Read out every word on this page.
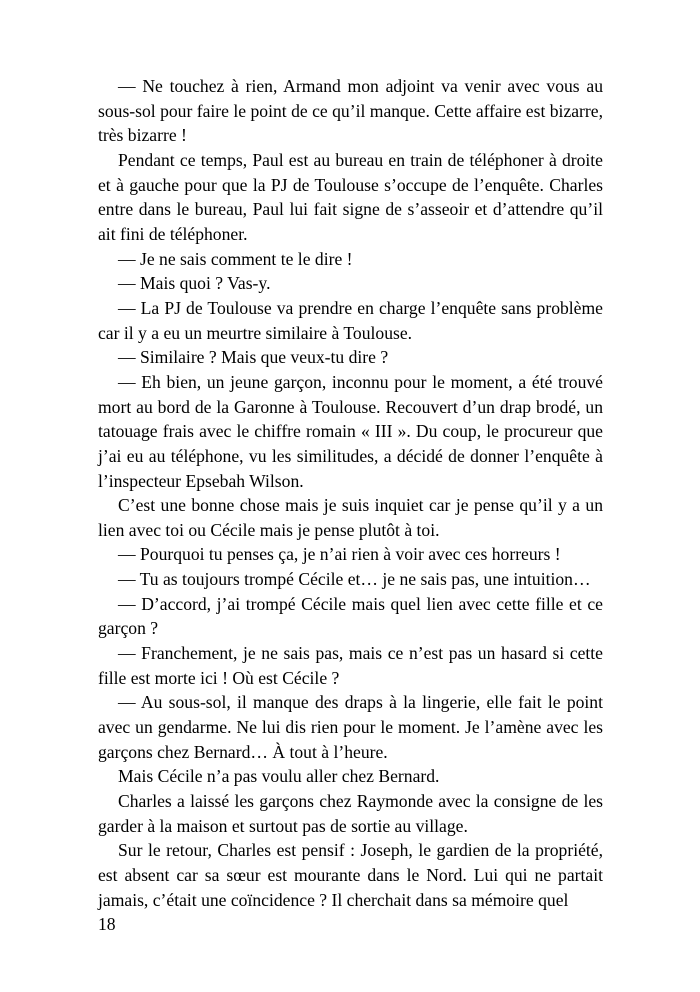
— Ne touchez à rien, Armand mon adjoint va venir avec vous au sous-sol pour faire le point de ce qu’il manque. Cette affaire est bizarre, très bizarre !

Pendant ce temps, Paul est au bureau en train de téléphoner à droite et à gauche pour que la PJ de Toulouse s’occupe de l’enquête. Charles entre dans le bureau, Paul lui fait signe de s’asseoir et d’attendre qu’il ait fini de téléphoner.

— Je ne sais comment te le dire !

— Mais quoi ? Vas-y.

— La PJ de Toulouse va prendre en charge l’enquête sans problème car il y a eu un meurtre similaire à Toulouse.

— Similaire ? Mais que veux-tu dire ?

— Eh bien, un jeune garçon, inconnu pour le moment, a été trouvé mort au bord de la Garonne à Toulouse. Recouvert d’un drap brodé, un tatouage frais avec le chiffre romain « III ». Du coup, le procureur que j’ai eu au téléphone, vu les similitudes, a décidé de donner l’enquête à l’inspecteur Epsebah Wilson.

C’est une bonne chose mais je suis inquiet car je pense qu’il y a un lien avec toi ou Cécile mais je pense plutôt à toi.

— Pourquoi tu penses ça, je n’ai rien à voir avec ces horreurs !

— Tu as toujours trompé Cécile et… je ne sais pas, une intuition…

— D’accord, j’ai trompé Cécile mais quel lien avec cette fille et ce garçon ?

— Franchement, je ne sais pas, mais ce n’est pas un hasard si cette fille est morte ici ! Où est Cécile ?

— Au sous-sol, il manque des draps à la lingerie, elle fait le point avec un gendarme. Ne lui dis rien pour le moment. Je l’amène avec les garçons chez Bernard… À tout à l’heure.

Mais Cécile n’a pas voulu aller chez Bernard.

Charles a laissé les garçons chez Raymonde avec la consigne de les garder à la maison et surtout pas de sortie au village.

Sur le retour, Charles est pensif : Joseph, le gardien de la propriété, est absent car sa sœur est mourante dans le Nord. Lui qui ne partait jamais, c’était une coïncidence ? Il cherchait dans sa mémoire quel

18
